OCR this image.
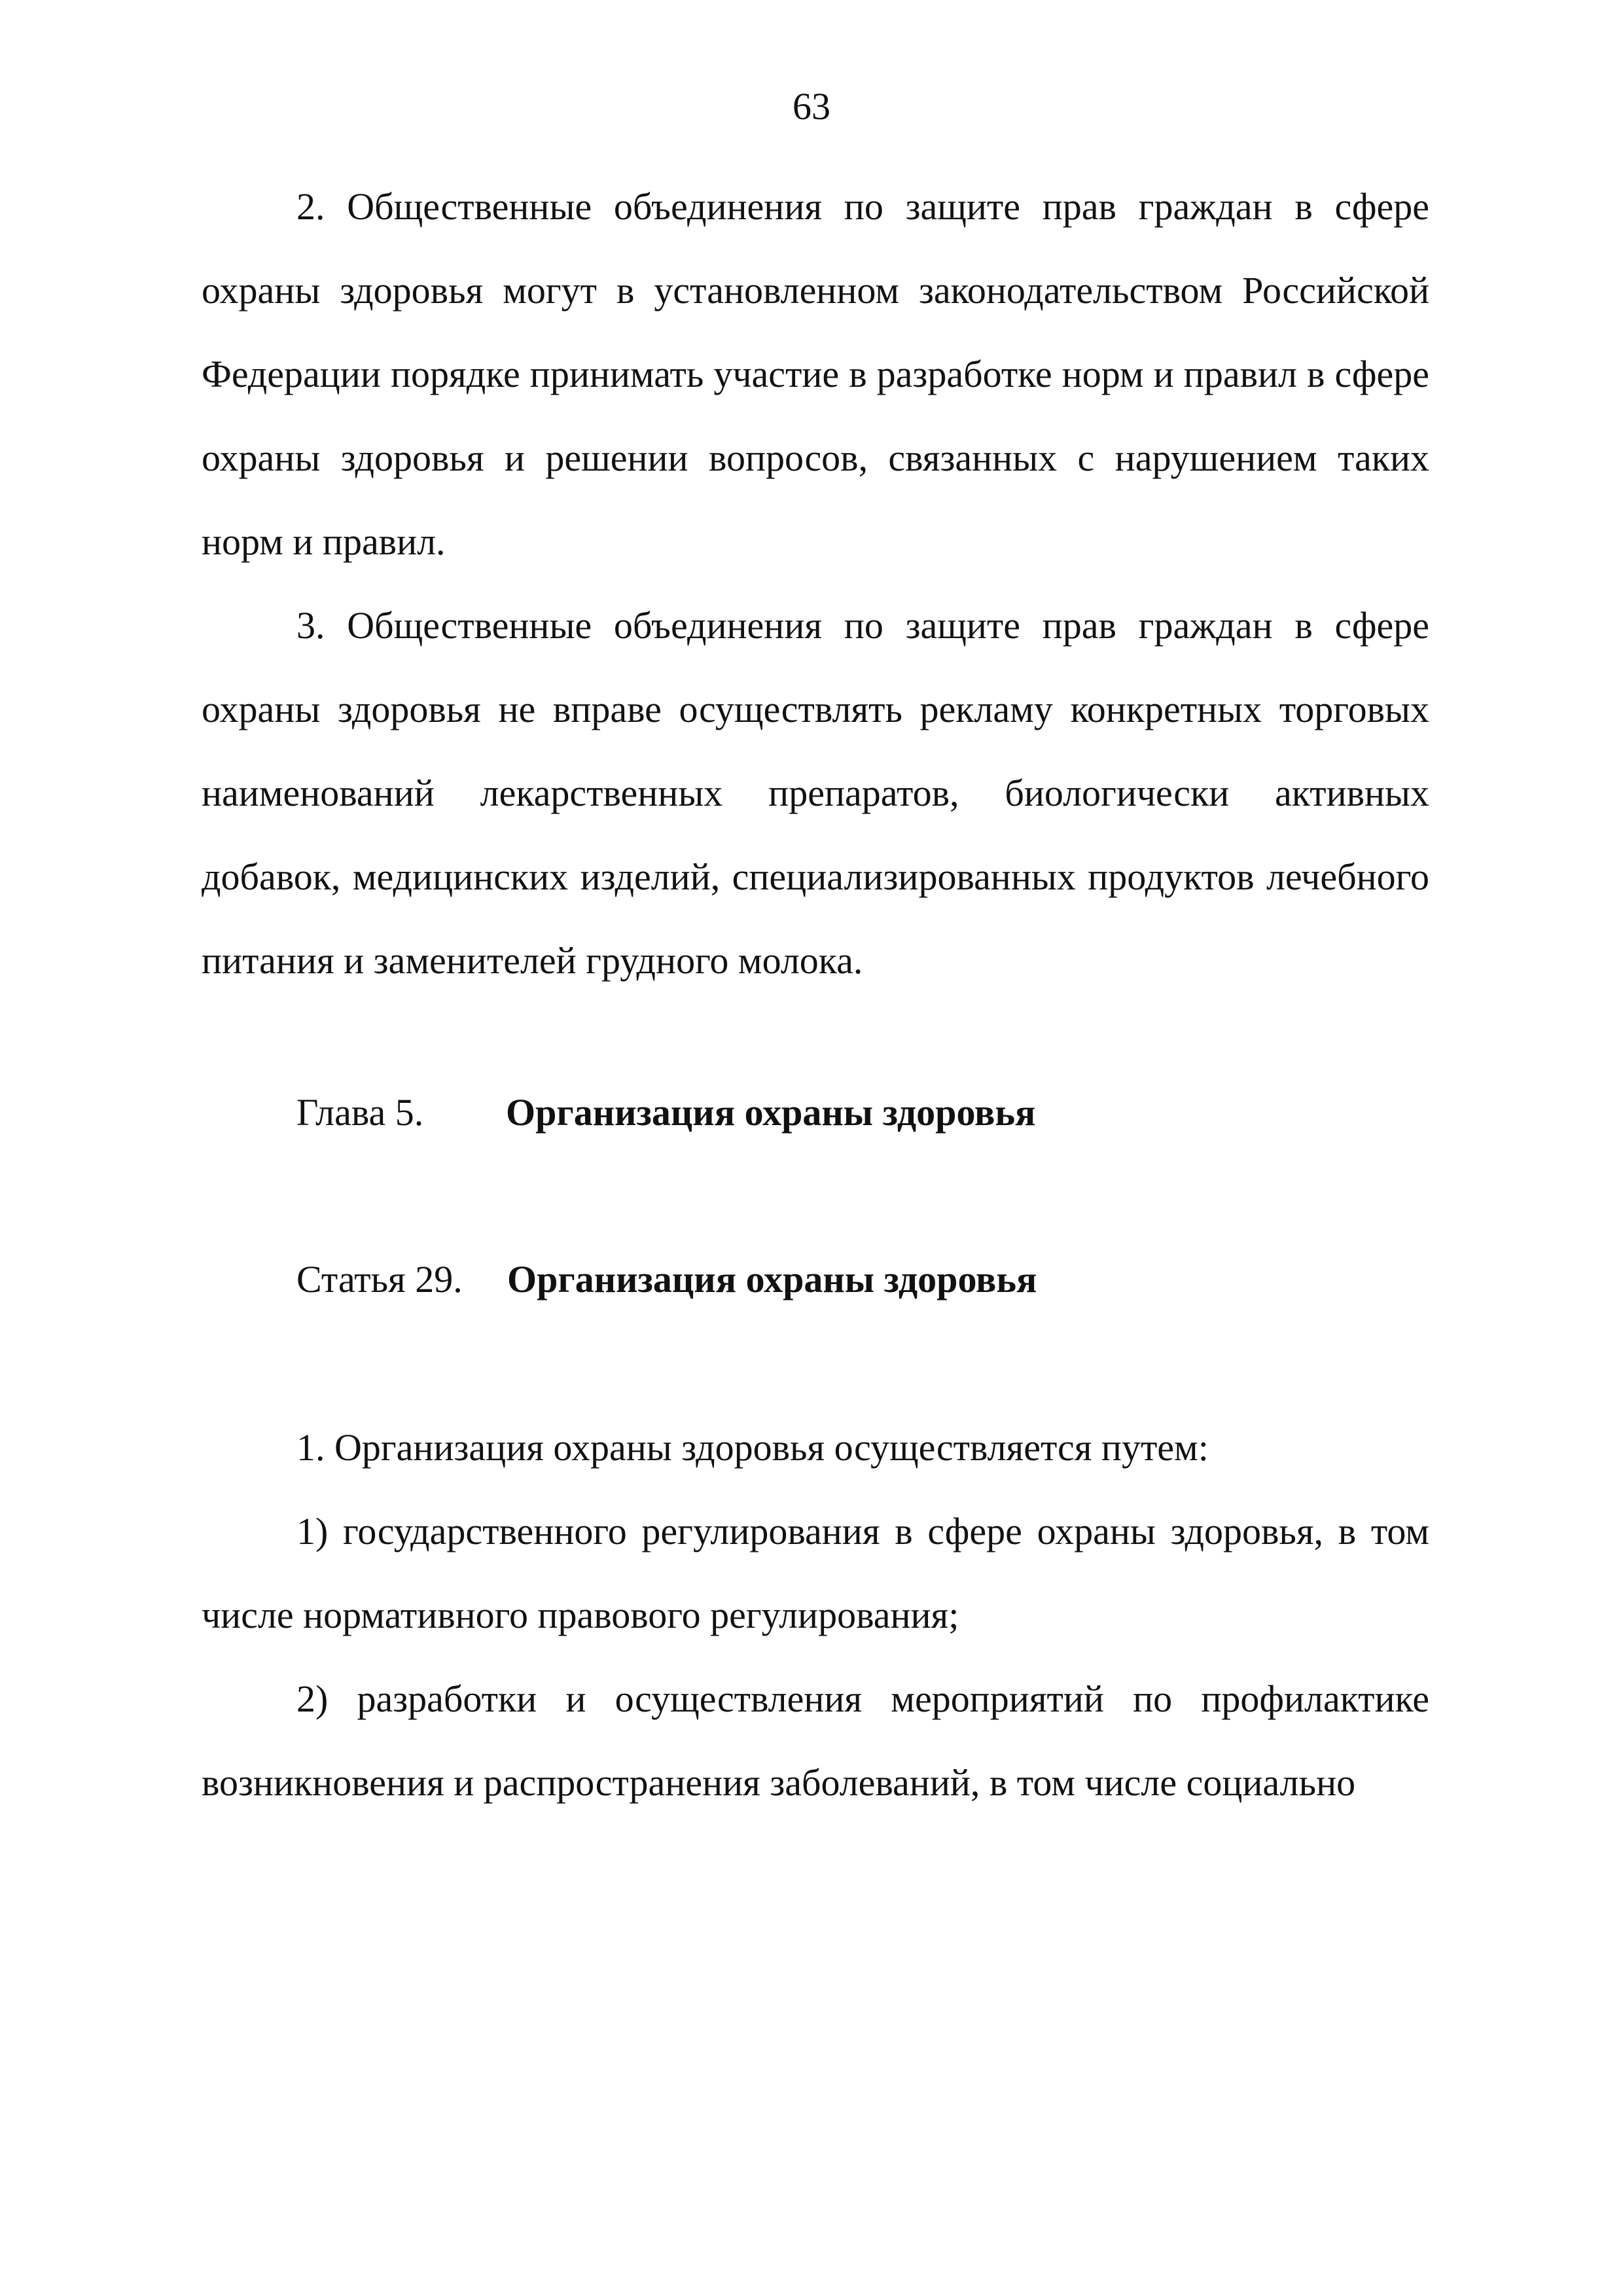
63

2. Общественные объединения по защите прав граждан в сфере охраны здоровья могут в установленном законодательством Российской Федерации порядке принимать участие в разработке норм и правил в сфере охраны здоровья и решении вопросов, связанных с нарушением таких норм и правил.

3. Общественные объединения по защите прав граждан в сфере охраны здоровья не вправе осуществлять рекламу конкретных торговых наименований лекарственных препаратов, биологически активных добавок, медицинских изделий, специализированных продуктов лечебного питания и заменителей грудного молока.

Глава 5. Организация охраны здоровья
Статья 29. Организация охраны здоровья

1. Организация охраны здоровья осуществляется путем:

1) государственного регулирования в сфере охраны здоровья, в том числе нормативного правового регулирования;

2) разработки и осуществления мероприятий по профилактике возникновения и распространения заболеваний, в том числе социально
